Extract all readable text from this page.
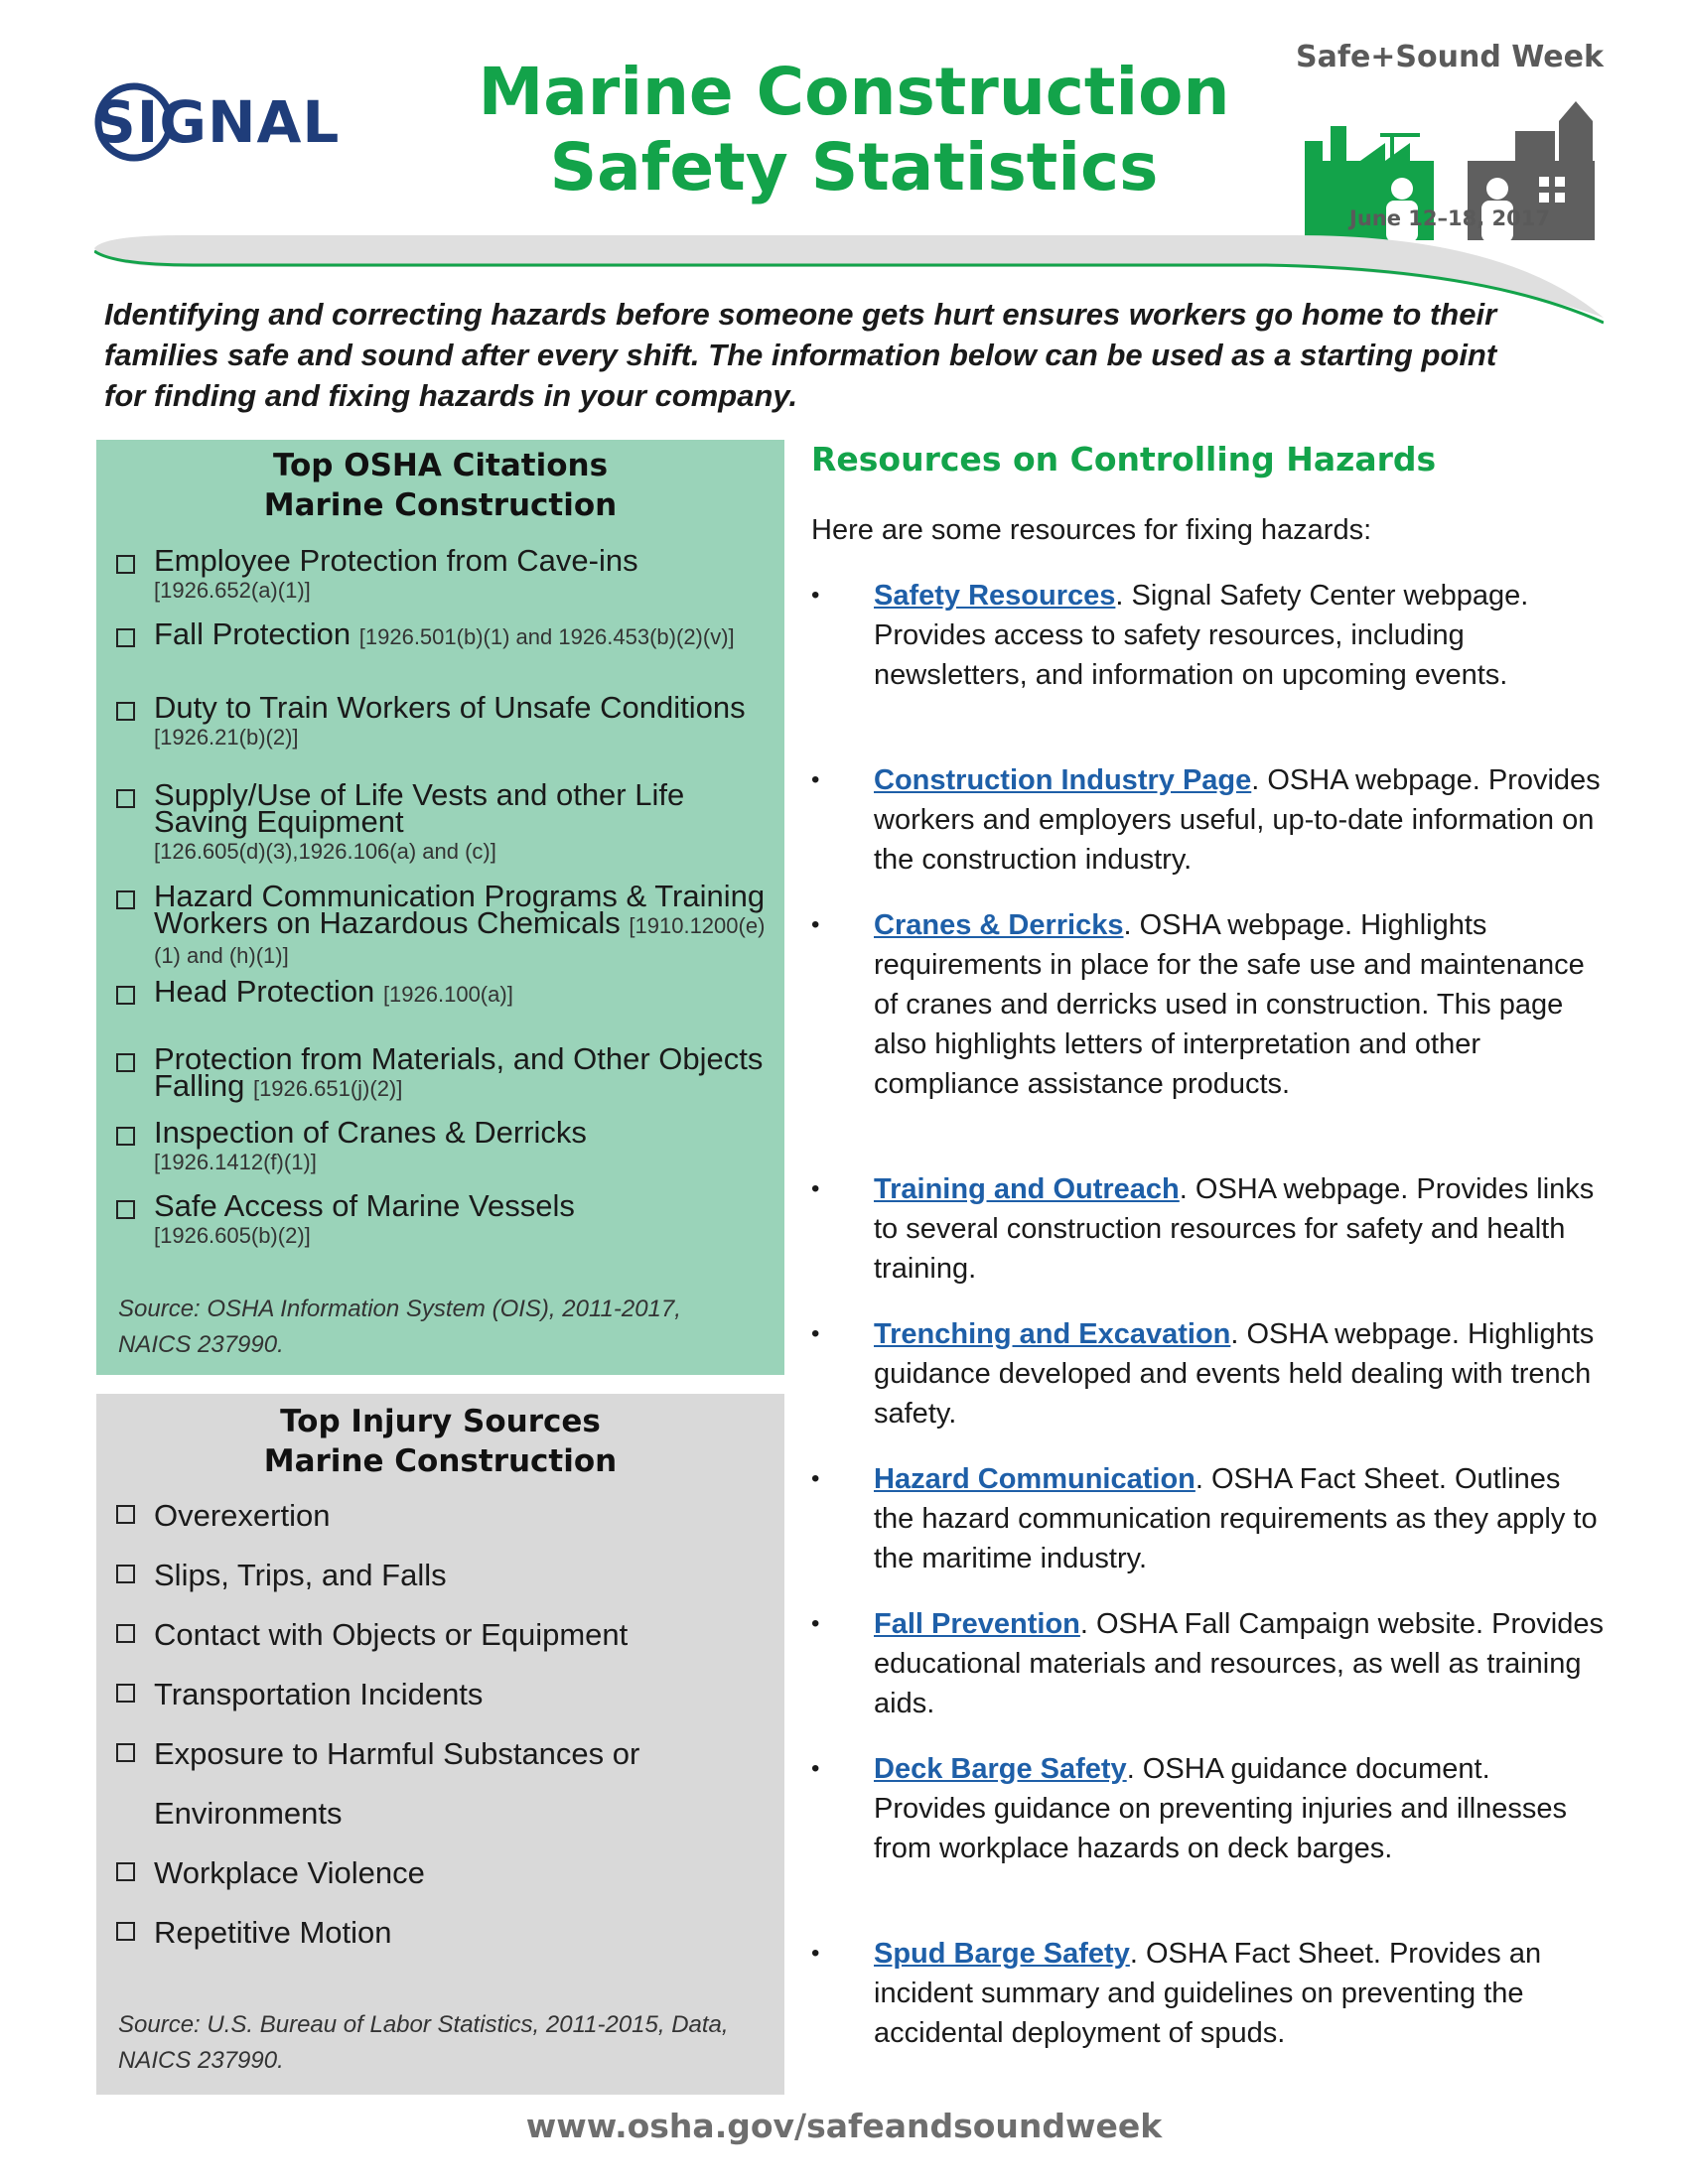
SIGNAL	Marine Construction
Safety Statistics
Safe+Sound Week
June 12–18, 2017
Identifying and correcting hazards before someone gets hurt ensures workers go home to their families safe and sound after every shift. The information below can be used as a starting point for finding and fixing hazards in your company.
Top OSHA Citations
Marine Construction
Employee Protection from Cave-ins
[1926.652(a)(1)]
Fall Protection [1926.501(b)(1) and 1926.453(b)(2)(v)]
Duty to Train Workers of Unsafe Conditions [1926.21(b)(2)]
Supply/Use of Life Vests and other Life Saving Equipment
[126.605(d)(3),1926.106(a) and (c)]
Hazard Communication Programs & Training Workers on Hazardous Chemicals [1910.1200(e)(1) and (h)(1)]
Head Protection [1926.100(a)]
Protection from Materials, and Other Objects Falling [1926.651(j)(2)]
Inspection of Cranes & Derricks
[1926.1412(f)(1)]
Safe Access of Marine Vessels
[1926.605(b)(2)]
Source: OSHA Information System (OIS), 2011-2017, NAICS 237990.
Top Injury Sources
Marine Construction
Overexertion
Slips, Trips, and Falls
Contact with Objects or Equipment
Transportation Incidents
Exposure to Harmful Substances or
Environments
Workplace Violence
Repetitive Motion
Source: U.S. Bureau of Labor Statistics, 2011-2015, Data, NAICS 237990.
Resources on Controlling Hazards
Here are some resources for fixing hazards:
• Safety Resources. Signal Safety Center webpage. Provides access to safety resources, including newsletters, and information on upcoming events.
• Construction Industry Page. OSHA webpage. Provides workers and employers useful, up-to-date information on the construction industry.
• Cranes & Derricks. OSHA webpage. Highlights requirements in place for the safe use and maintenance of cranes and derricks used in construction. This page also highlights letters of interpretation and other compliance assistance products.
• Training and Outreach. OSHA webpage. Provides links to several construction resources for safety and health training.
• Trenching and Excavation. OSHA webpage. Highlights guidance developed and events held dealing with trench safety.
• Hazard Communication. OSHA Fact Sheet. Outlines the hazard communication requirements as they apply to the maritime industry.
• Fall Prevention. OSHA Fall Campaign website. Provides educational materials and resources, as well as training aids.
• Deck Barge Safety. OSHA guidance document. Provides guidance on preventing injuries and illnesses from workplace hazards on deck barges.
• Spud Barge Safety. OSHA Fact Sheet. Provides an incident summary and guidelines on preventing the accidental deployment of spuds.
www.osha.gov/safeandsoundweek
